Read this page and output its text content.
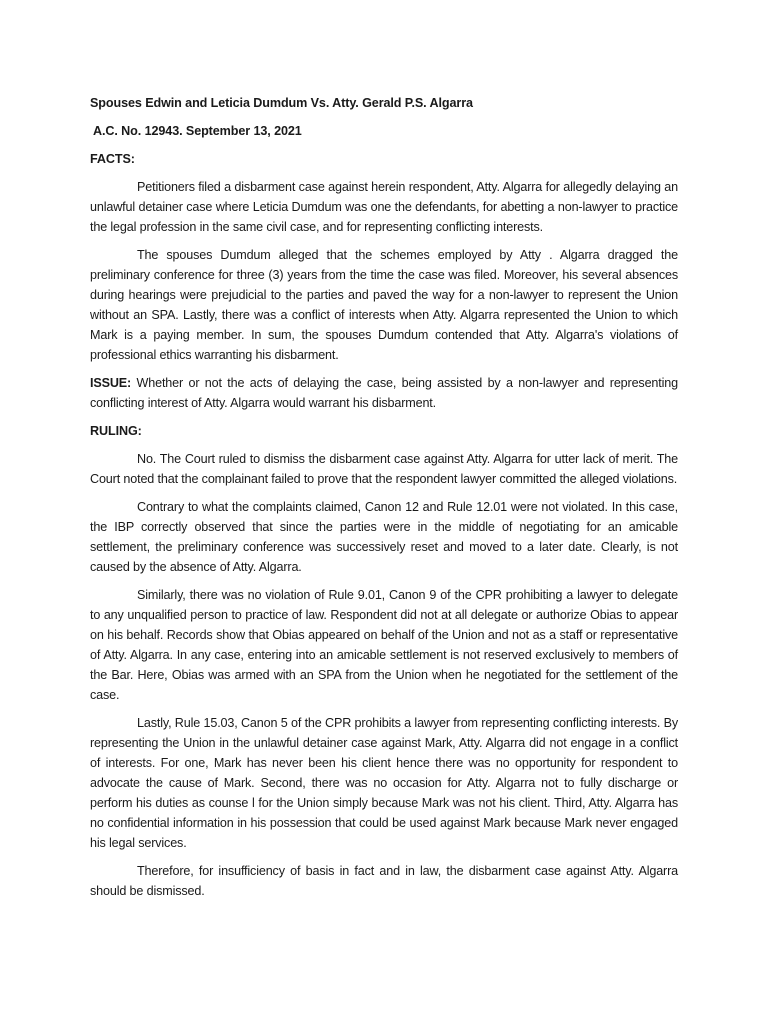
Spouses Edwin and Leticia Dumdum Vs. Atty. Gerald P.S. Algarra
A.C. No. 12943. September 13, 2021
FACTS:

Petitioners filed a disbarment case against herein respondent, Atty. Algarra for allegedly delaying an unlawful detainer case where Leticia Dumdum was one the defendants, for abetting a non-lawyer to practice the legal profession in the same civil case, and for representing conflicting interests.

The spouses Dumdum alleged that the schemes employed by Atty . Algarra dragged the preliminary conference for three (3) years from the time the case was filed. Moreover, his several absences during hearings were prejudicial to the parties and paved the way for a non-lawyer to represent the Union without an SPA. Lastly, there was a conflict of interests when Atty. Algarra represented the Union to which Mark is a paying member. In sum, the spouses Dumdum contended that Atty. Algarra's violations of professional ethics warranting his disbarment.

ISSUE: Whether or not the acts of delaying the case, being assisted by a non-lawyer and representing conflicting interest of Atty. Algarra would warrant his disbarment.

RULING:

No. The Court ruled to dismiss the disbarment case against Atty. Algarra for utter lack of merit. The Court noted that the complainant failed to prove that the respondent lawyer committed the alleged violations.

Contrary to what the complaints claimed, Canon 12 and Rule 12.01 were not violated. In this case, the IBP correctly observed that since the parties were in the middle of negotiating for an amicable settlement, the preliminary conference was successively reset and moved to a later date. Clearly, is not caused by the absence of Atty. Algarra.

Similarly, there was no violation of Rule 9.01, Canon 9 of the CPR prohibiting a lawyer to delegate to any unqualified person to practice of law. Respondent did not at all delegate or authorize Obias to appear on his behalf. Records show that Obias appeared on behalf of the Union and not as a staff or representative of Atty. Algarra. In any case, entering into an amicable settlement is not reserved exclusively to members of the Bar. Here, Obias was armed with an SPA from the Union when he negotiated for the settlement of the case.

Lastly, Rule 15.03, Canon 5 of the CPR prohibits a lawyer from representing conflicting interests. By representing the Union in the unlawful detainer case against Mark, Atty. Algarra did not engage in a conflict of interests. For one, Mark has never been his client hence there was no opportunity for respondent to advocate the cause of Mark. Second, there was no occasion for Atty. Algarra not to fully discharge or perform his duties as counse l for the Union simply because Mark was not his client. Third, Atty. Algarra has no confidential information in his possession that could be used against Mark because Mark never engaged his legal services.

Therefore, for insufficiency of basis in fact and in law, the disbarment case against Atty. Algarra should be dismissed.
